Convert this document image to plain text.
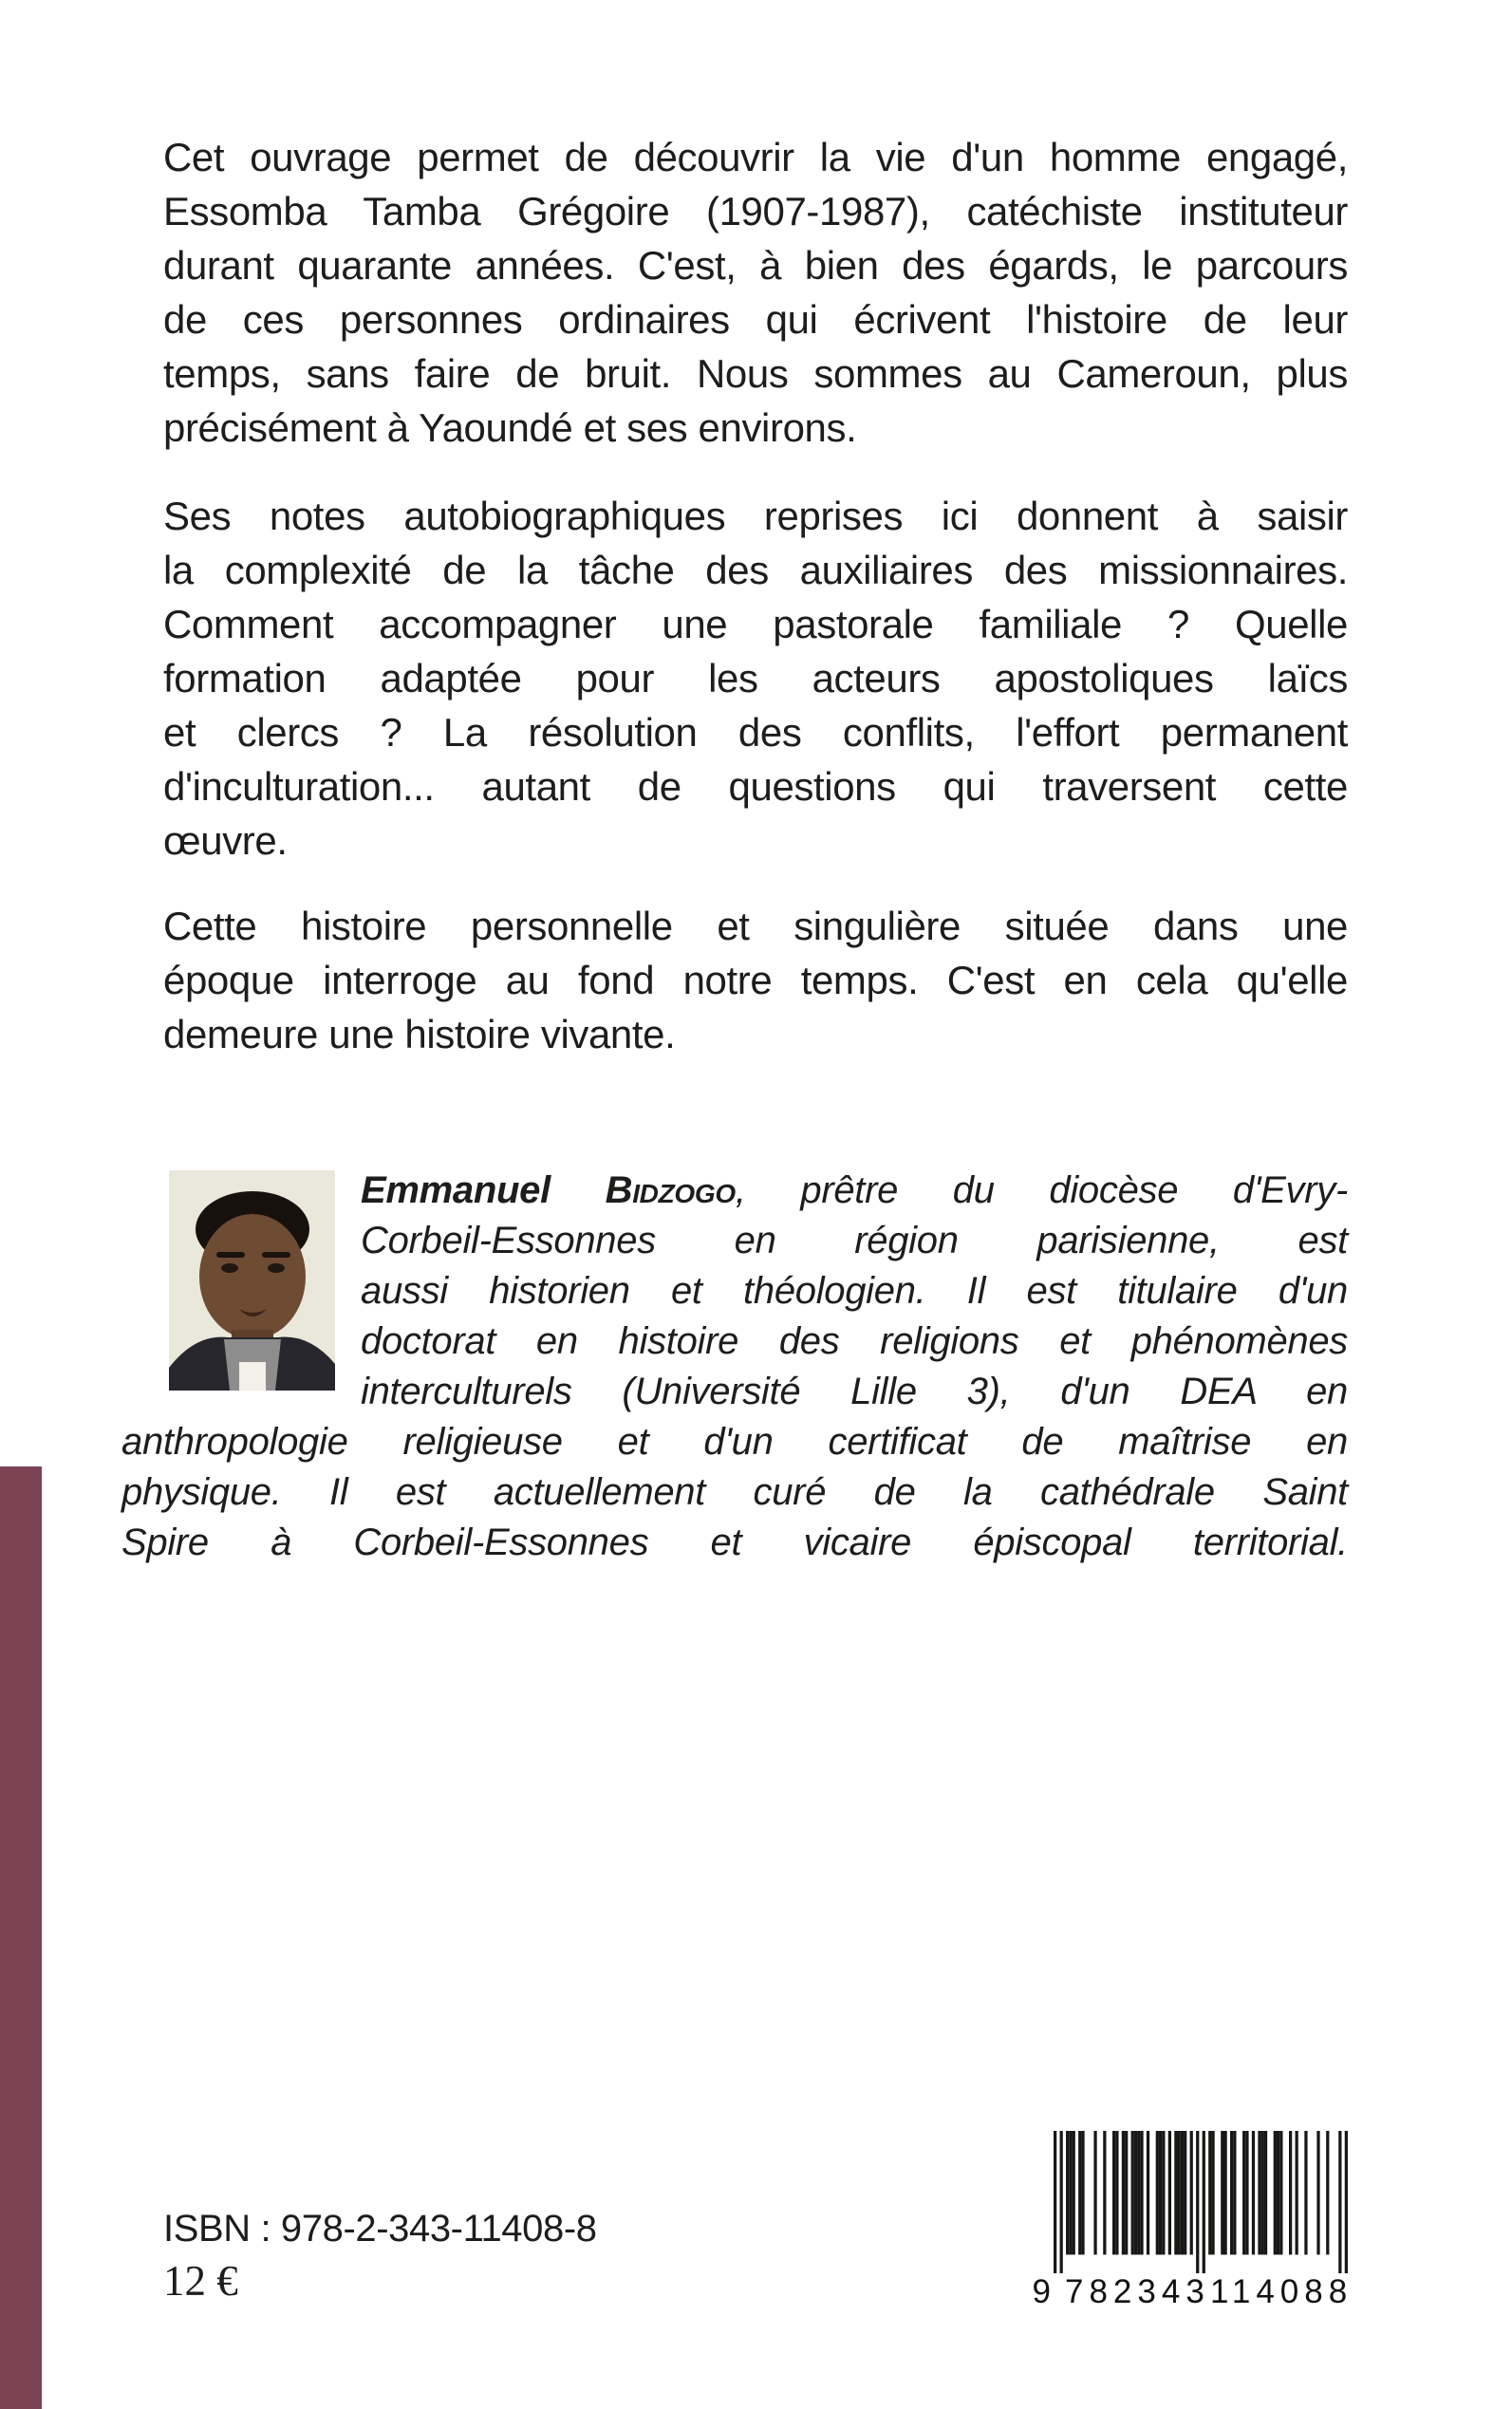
Cet ouvrage permet de découvrir la vie d'un homme engagé,
Essomba Tamba Grégoire (1907-1987), catéchiste instituteur
durant quarante années. C'est, à bien des égards, le parcours
de ces personnes ordinaires qui écrivent l'histoire de leur
temps, sans faire de bruit. Nous sommes au Cameroun, plus
précisément à Yaoundé et ses environs.
Ses notes autobiographiques reprises ici donnent à saisir
la complexité de la tâche des auxiliaires des missionnaires.
Comment accompagner une pastorale familiale ? Quelle
formation adaptée pour les acteurs apostoliques laïcs
et clercs ? La résolution des conflits, l'effort permanent
d'inculturation... autant de questions qui traversent cette
œuvre.
Cette histoire personnelle et singulière située dans une
époque interroge au fond notre temps. C'est en cela qu'elle
demeure une histoire vivante.
Emmanuel Bidzogo, prêtre du diocèse d'Evry-
Corbeil-Essonnes en région parisienne, est
aussi historien et théologien. Il est titulaire d'un
doctorat en histoire des religions et phénomènes
interculturels (Université Lille 3), d'un DEA en
anthropologie religieuse et d'un certificat de maîtrise en
physique. Il est actuellement curé de la cathédrale Saint
Spire à Corbeil-Essonnes et vicaire épiscopal territorial.
ISBN : 978-2-343-11408-8
12 €	9 782343 114088
